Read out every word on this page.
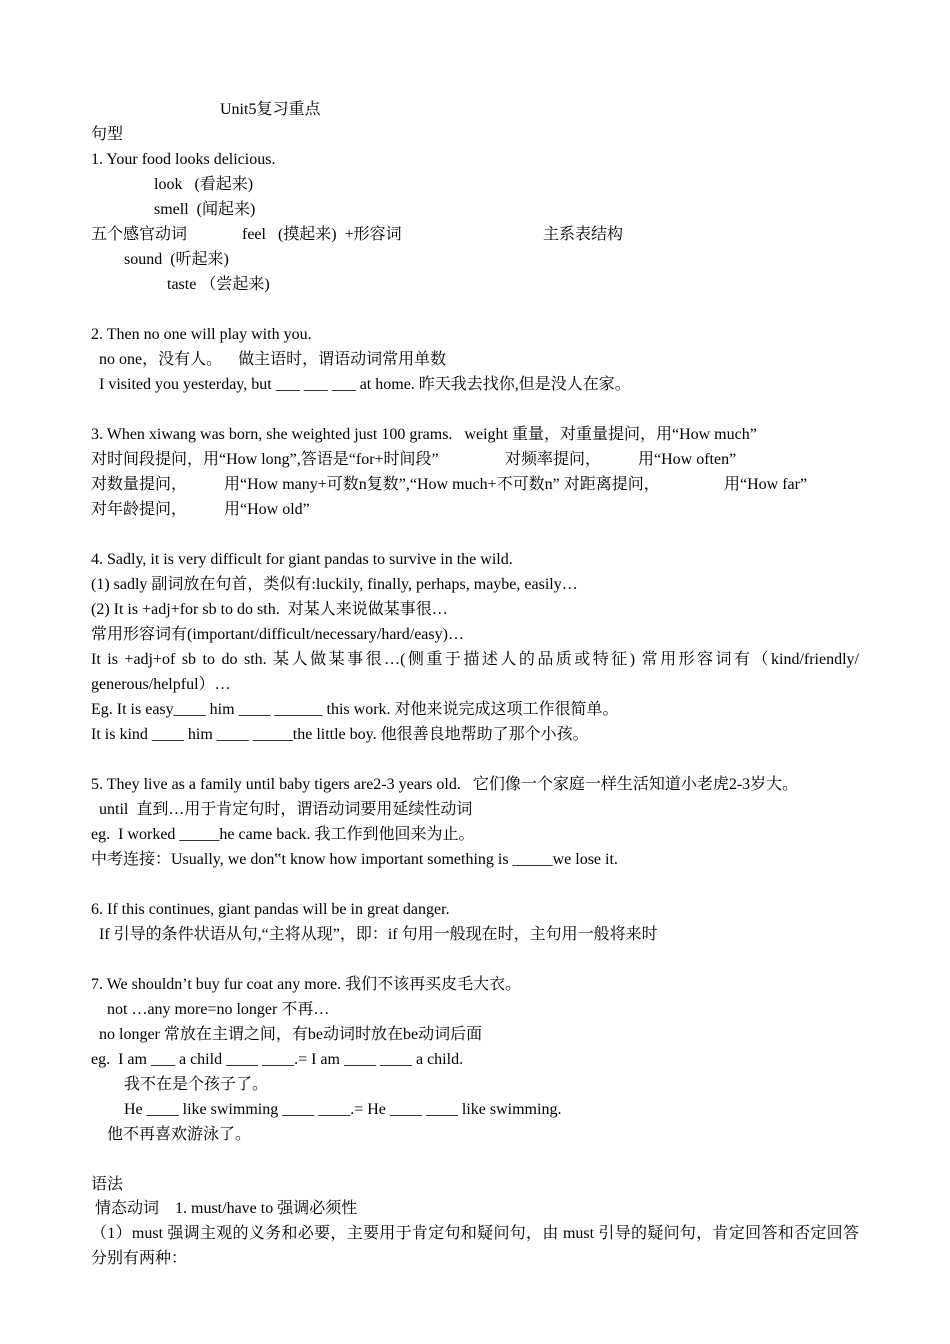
Unit5复习重点

句型

1. Your food looks delicious.

look   (看起来)

smell  (闻起来)

五个感官动词	feel   (摸起来)  +形容词	主系表结构

sound  (听起来)

taste （尝起来)

2. Then no one will play with you.

no one，没有人。    做主语时，谓语动词常用单数

I visited you yesterday, but ___ ___ ___ at home. 昨天我去找你,但是没人在家。

3. When xiwang was born, she weighted just 100 grams.   weight 重量，对重量提问，用“How much”

对时间段提问，用“How long”,答语是“for+时间段”	对频率提问， 用“How often”

对数量提问， 用“How many+可数n复数”,“How much+不可数n” 对距离提问，	用“How far”

对年龄提问， 用“How old”

4. Sadly, it is very difficult for giant pandas to survive in the wild.

(1) sadly 副词放在句首，类似有:luckily, finally, perhaps, maybe, easily…

(2) It is +adj+for sb to do sth.  对某人来说做某事很…

常用形容词有(important/difficult/necessary/hard/easy)…

It is +adj+of sb to do sth. 某人做某事很…(侧重于描述人的品质或特征) 常用形容词有（kind/friendly/

generous/helpful）…

Eg. It is easy____ him ____ ______ this work. 对他来说完成这项工作很简单。

It is kind ____ him ____ _____the little boy. 他很善良地帮助了那个小孩。

5. They live as a family until baby tigers are2-3 years old.   它们像一个家庭一样生活知道小老虎2-3岁大。

until  直到…用于肯定句时，谓语动词要用延续性动词

eg.  I worked _____he came back. 我工作到他回来为止。

中考连接：Usually, we don‟t know how important something is _____we lose it.

6. If this continues, giant pandas will be in great danger.

If 引导的条件状语从句,“主将从现”，即：if 句用一般现在时，主句用一般将来时

7. We shouldn’t buy fur coat any more. 我们不该再买皮毛大衣。

not …any more=no longer 不再…

no longer 常放在主谓之间，有be动词时放在be动词后面

eg.  I am ___ a child ____ ____.= I am ____ ____ a child.

我不在是个孩子了。

He ____ like swimming ____ ____.= He ____ ____ like swimming.

他不再喜欢游泳了。

语法

情态动词    1. must/have to 强调必须性

（1）must 强调主观的义务和必要，主要用于肯定句和疑问句，由 must 引导的疑问句，肯定回答和否定回答

分别有两种：
